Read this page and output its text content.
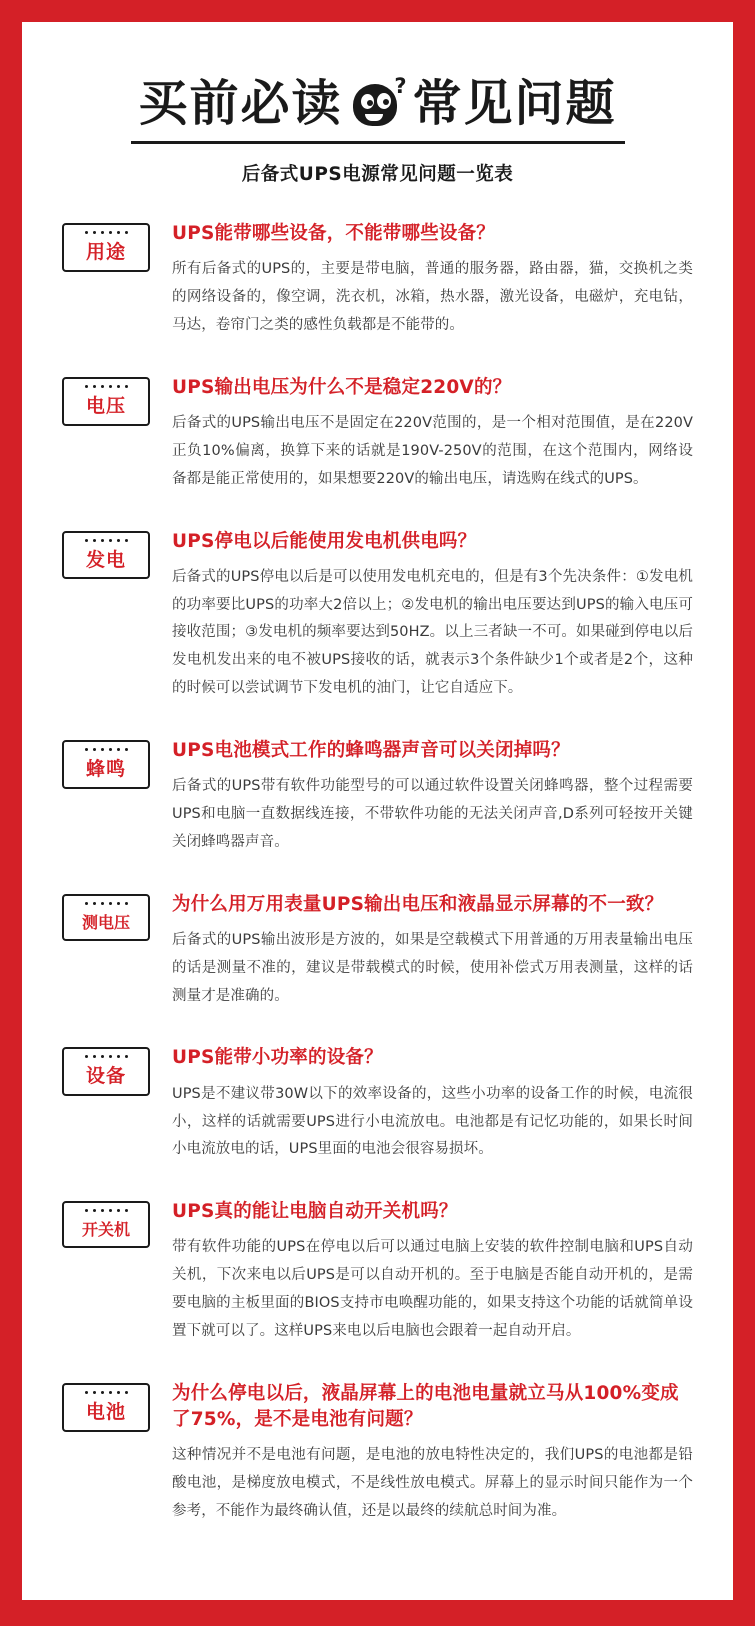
买前必读 ? 常见问题
后备式UPS电源常见问题一览表
用途
UPS能带哪些设备，不能带哪些设备？
所有后备式的UPS的，主要是带电脑，普通的服务器，路由器，猫，交换机之类的网络设备的，像空调，洗衣机，冰箱，热水器，激光设备，电磁炉，充电钻，马达，卷帘门之类的感性负载都是不能带的。
电压
UPS输出电压为什么不是稳定220V的？
后备式的UPS输出电压不是固定在220V范围的，是一个相对范围值，是在220V正负10%偏离，换算下来的话就是190V-250V的范围，在这个范围内，网络设备都是能正常使用的，如果想要220V的输出电压，请选购在线式的UPS。
发电
UPS停电以后能使用发电机供电吗？
后备式的UPS停电以后是可以使用发电机充电的，但是有3个先决条件：①发电机的功率要比UPS的功率大2倍以上；②发电机的输出电压要达到UPS的输入电压可接收范围；③发电机的频率要达到50HZ。以上三者缺一不可。如果碰到停电以后发电机发出来的电不被UPS接收的话，就表示3个条件缺少1个或者是2个，这种的时候可以尝试调节下发电机的油门，让它自适应下。
蜂鸣
UPS电池模式工作的蜂鸣器声音可以关闭掉吗？
后备式的UPS带有软件功能型号的可以通过软件设置关闭蜂鸣器，整个过程需要UPS和电脑一直数据线连接，不带软件功能的无法关闭声音,D系列可轻按开关键关闭蜂鸣器声音。
测电压
为什么用万用表量UPS输出电压和液晶显示屏幕的不一致？
后备式的UPS输出波形是方波的，如果是空载模式下用普通的万用表量输出电压的话是测量不准的，建议是带载模式的时候，使用补偿式万用表测量，这样的话测量才是准确的。
设备
UPS能带小功率的设备？
UPS是不建议带30W以下的效率设备的，这些小功率的设备工作的时候，电流很小，这样的话就需要UPS进行小电流放电。电池都是有记忆功能的，如果长时间小电流放电的话，UPS里面的电池会很容易损坏。
开关机
UPS真的能让电脑自动开关机吗？
带有软件功能的UPS在停电以后可以通过电脑上安装的软件控制电脑和UPS自动关机，下次来电以后UPS是可以自动开机的。至于电脑是否能自动开机的，是需要电脑的主板里面的BIOS支持市电唤醒功能的，如果支持这个功能的话就简单设置下就可以了。这样UPS来电以后电脑也会跟着一起自动开启。
电池
为什么停电以后，液晶屏幕上的电池电量就立马从100%变成了75%，是不是电池有问题？
这种情况并不是电池有问题，是电池的放电特性决定的，我们UPS的电池都是铅酸电池，是梯度放电模式，不是线性放电模式。屏幕上的显示时间只能作为一个参考，不能作为最终确认值，还是以最终的续航总时间为准。
